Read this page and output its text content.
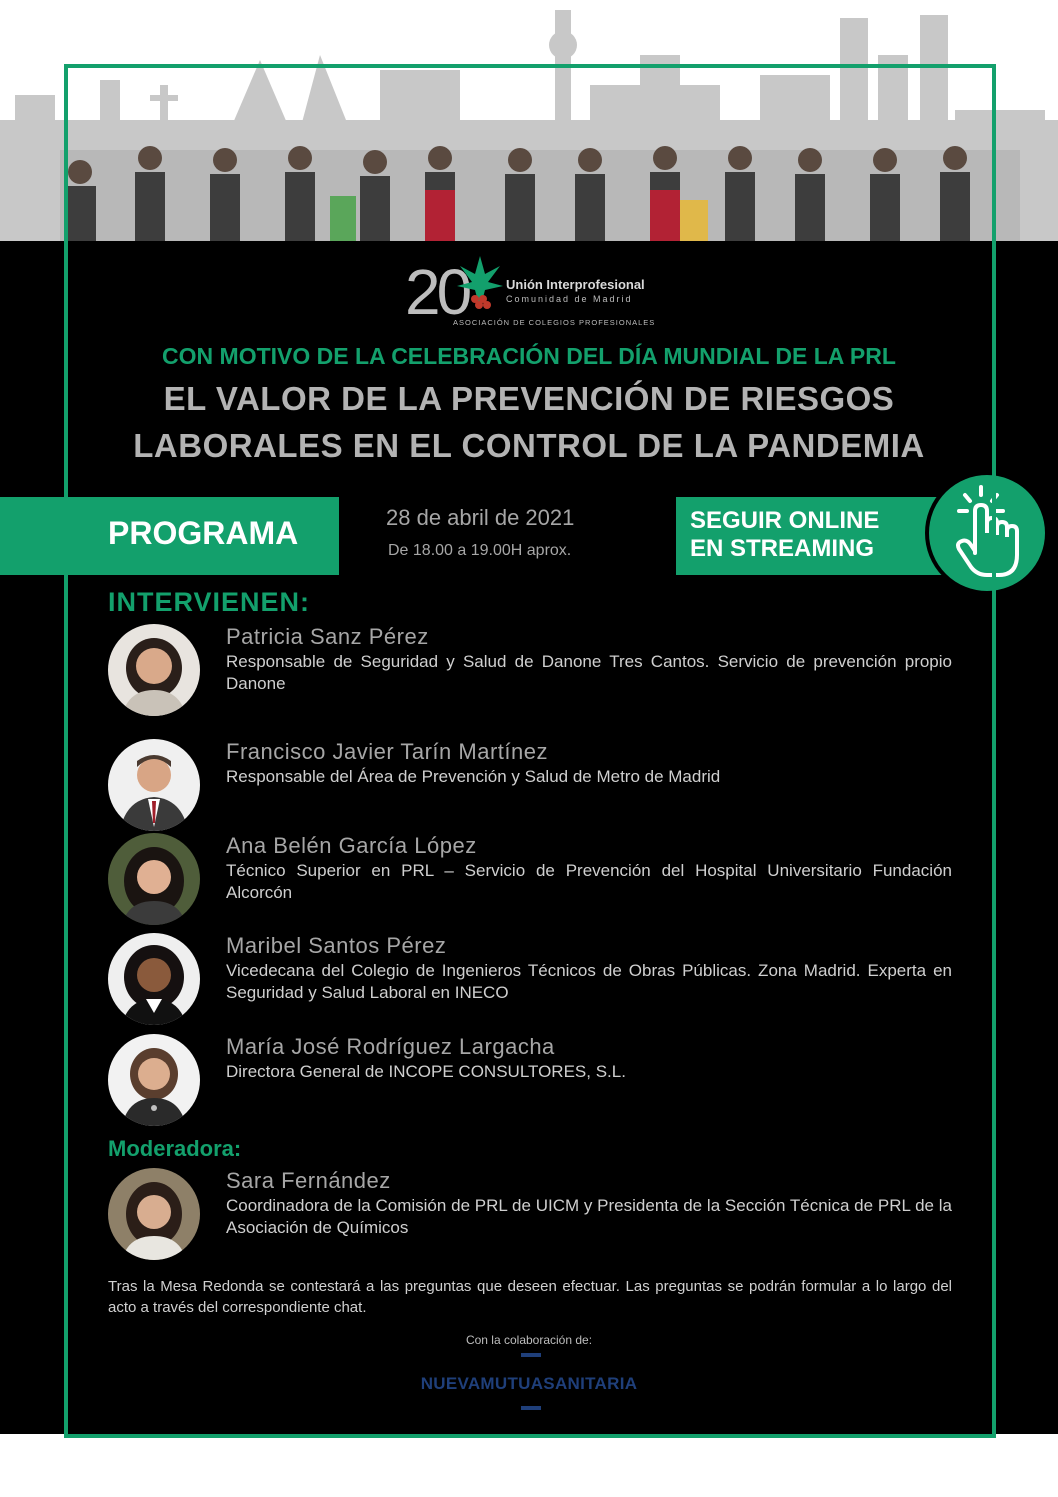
20	Unión Interprofesional
Comunidad de Madrid
ASOCIACIÓN DE COLEGIOS PROFESIONALES
CON MOTIVO DE LA CELEBRACIÓN DEL DÍA MUNDIAL DE LA PRL
EL VALOR DE LA PREVENCIÓN DE RIESGOS
LABORALES EN EL CONTROL DE LA PANDEMIA
PROGRAMA	28 de abril de 2021
De 18.00 a 19.00H aprox.
SEGUIR ONLINE
EN STREAMING
INTERVIENEN:
Patricia Sanz Pérez
Responsable de Seguridad y Salud de Danone Tres Cantos. Servicio de prevención propio Danone
Francisco Javier Tarín Martínez
Responsable del Área de Prevención y Salud de Metro de Madrid
Ana Belén García López
Técnico Superior en PRL – Servicio de Prevención del Hospital Universitario Fundación Alcorcón
Maribel Santos Pérez
Vicedecana del Colegio de Ingenieros Técnicos de Obras Públicas. Zona Madrid. Experta en Seguridad y Salud Laboral en INECO
María José Rodríguez Largacha
Directora General de INCOPE CONSULTORES, S.L.
Moderadora:
Sara Fernández
Coordinadora de la Comisión de PRL de UICM y Presidenta de la Sección Técnica de PRL de la Asociación de Químicos
Tras la Mesa Redonda se contestará a las preguntas que deseen efectuar. Las preguntas se podrán formular a lo largo del acto a través del correspondiente chat.
Con la colaboración de:
NUEVAMUTUASANITARIA
